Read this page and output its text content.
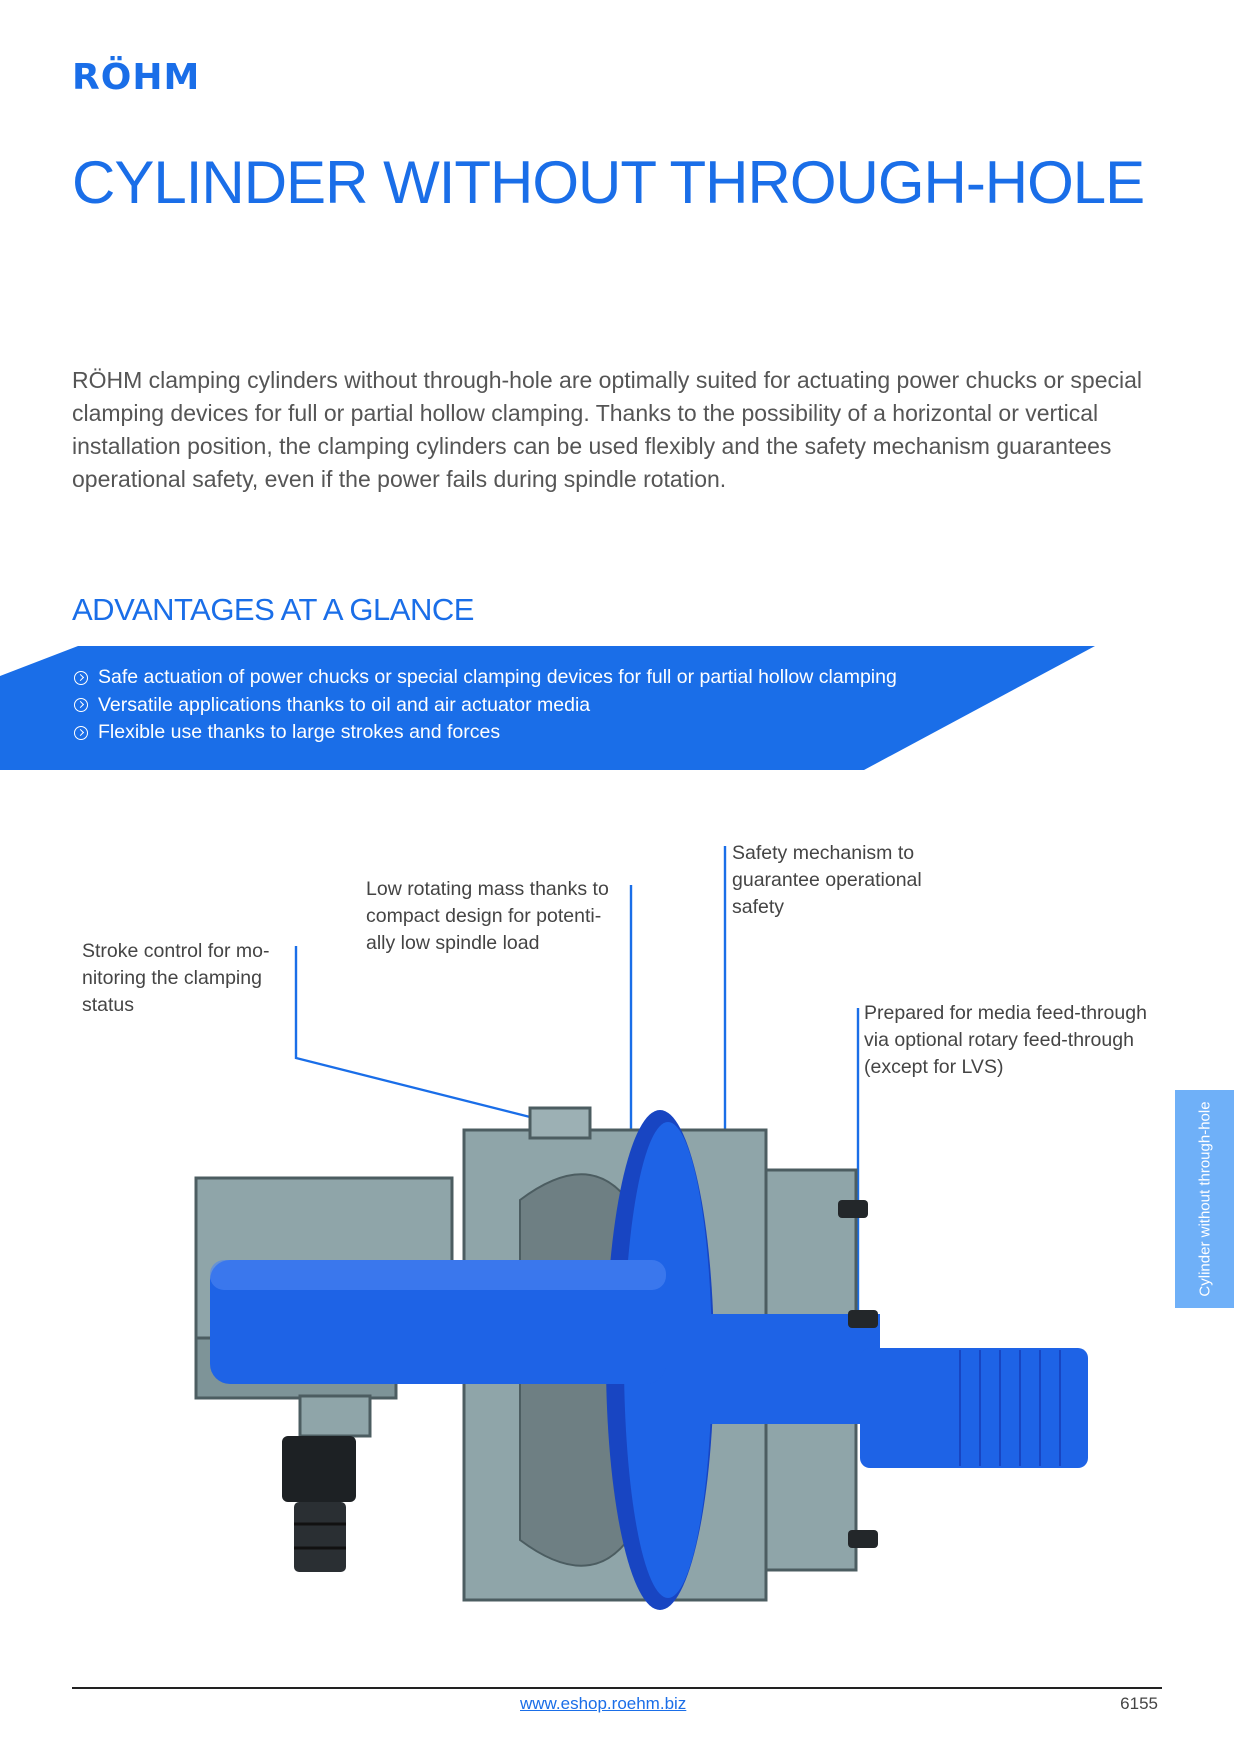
RÖHM
CYLINDER WITHOUT THROUGH-HOLE

RÖHM clamping cylinders without through-hole are optimally suited for actuating power chucks or special clamping devices for full or partial hollow clamping. Thanks to the possibility of a horizontal or vertical installation position, the clamping cylinders can be used flexibly and the safety mechanism guarantees operational safety, even if the power fails during spindle rotation.

ADVANTAGES AT A GLANCE
Safe actuation of power chucks or special clamping devices for full or partial hollow clamping
Versatile applications thanks to oil and air actuator media
Flexible use thanks to large strokes and forces

Stroke control for mo-nitoring the clamping status

Low rotating mass thanks to compact design for potenti-ally low spindle load

Safety mechanism to guarantee operational safety

Prepared for media feed-through via optional rotary feed-through (except for LVS)

Cylinder without through-hole
www.eshop.roehm.biz	6155
